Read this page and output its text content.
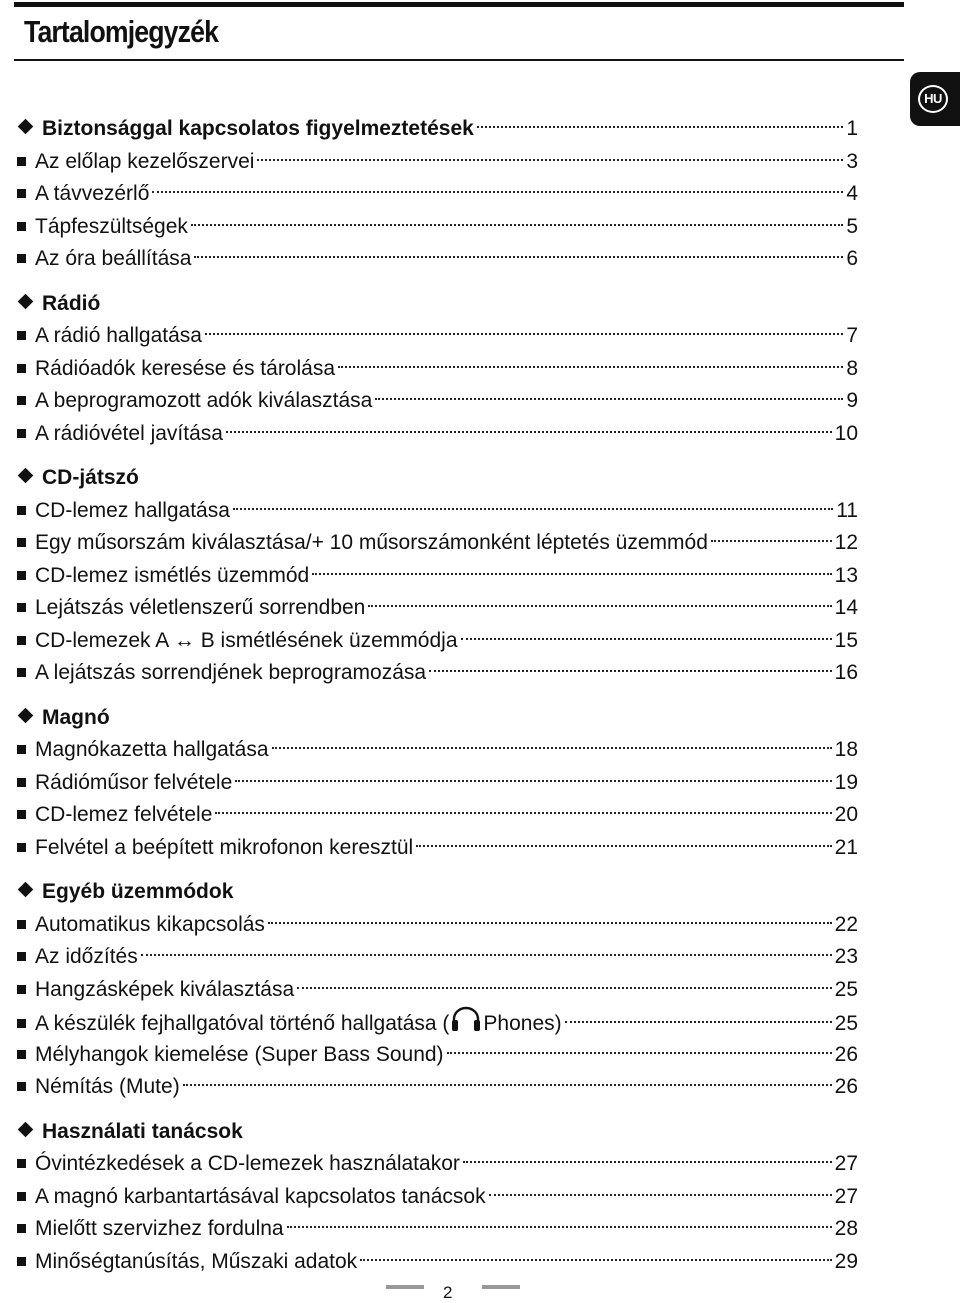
Tartalomjegyzék
HU
Biztonsággal kapcsolatos figyelmeztetések	1
Az előlap kezelőszervei	3
A távvezérlő	4
Tápfeszültségek	5
Az óra beállítása	6
Rádió
A rádió hallgatása	7
Rádióadók keresése és tárolása	8
A beprogramozott adók kiválasztása	9
A rádióvétel javítása	10
CD-játszó
CD-lemez hallgatása	11
Egy műsorszám kiválasztása/+ 10 műsorszámonként léptetés üzemmód	12
CD-lemez ismétlés üzemmód	13
Lejátszás véletlenszerű sorrendben	14
CD-lemezek A ↔ B ismétlésének üzemmódja	15
A lejátszás sorrendjének beprogramozása	16
Magnó
Magnókazetta hallgatása	18
Rádióműsor felvétele	19
CD-lemez felvétele	20
Felvétel a beépített mikrofonon keresztül	21
Egyéb üzemmódok
Automatikus kikapcsolás	22
Az időzítés	23
Hangzásképek kiválasztása	25
A készülék fejhallgatóval történő hallgatása ( Phones)	25
Mélyhangok kiemelése (Super Bass Sound)	26
Némítás (Mute)	26
Használati tanácsok
Óvintézkedések a CD-lemezek használatakor	27
A magnó karbantartásával kapcsolatos tanácsok	27
Mielőtt szervizhez fordulna	28
Minőségtanúsítás, Műszaki adatok	29
2
